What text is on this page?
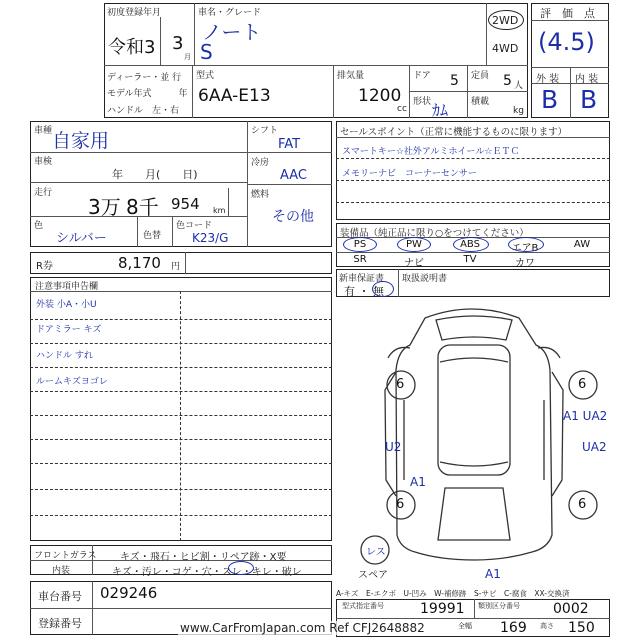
初度登録年月
令和3 3
月
車名・グレード
ノート
S
2WD
4WD
ディーラー・並 行
モデル年式　　　年
ハンドル　左・右
型式
6AA-E13
排気量
1200
cc
ドア 5 定員 5 人
形状 ｶﾑ	積載
kg
評　価　点
(4.5)
外 装 内 装
B B
車種 自家用
車検
年　　月(　　日)
走行
3万 8千 954 km
色
シルバー	色替
色コード
K23/G
シフト
FAT
冷房
AAC
燃料
その他
R券	8,170 円
注意事項申告欄
外装 小A・小U
ドアミラー キズ
ハンドル すれ
ルームキズヨゴレ
フロントガラス キズ・飛石・ヒビ割・リペア跡・X要
内装	キズ・汚レ・コゲ・穴・スレ・キレ・破レ
車台番号 029246
登録番号
セールスポイント（正常に機能するものに限ります）
スマートキー☆社外アルミホイール☆ＥＴＣ
メモリーナビ　コーナーセンサー
装備品（純正品に限り○をつけてください）
PS	PW	ABS	エアB	AW
SR	ナビ	TV	カワ
新車保証書
有 ・ 無
取扱説明書
6	6
6	6
A1 UA2
UA2
U2
A1
A1
レス
スペア
A-キズ　E-エクボ　U-凹み　W-補修跡　S-サビ　C-腐食　XX-交換済
型式指定番号	19991 類別区分番号 0002
全幅 169 高さ 150
www.CarFromJapan.com Ref CFJ2648882
